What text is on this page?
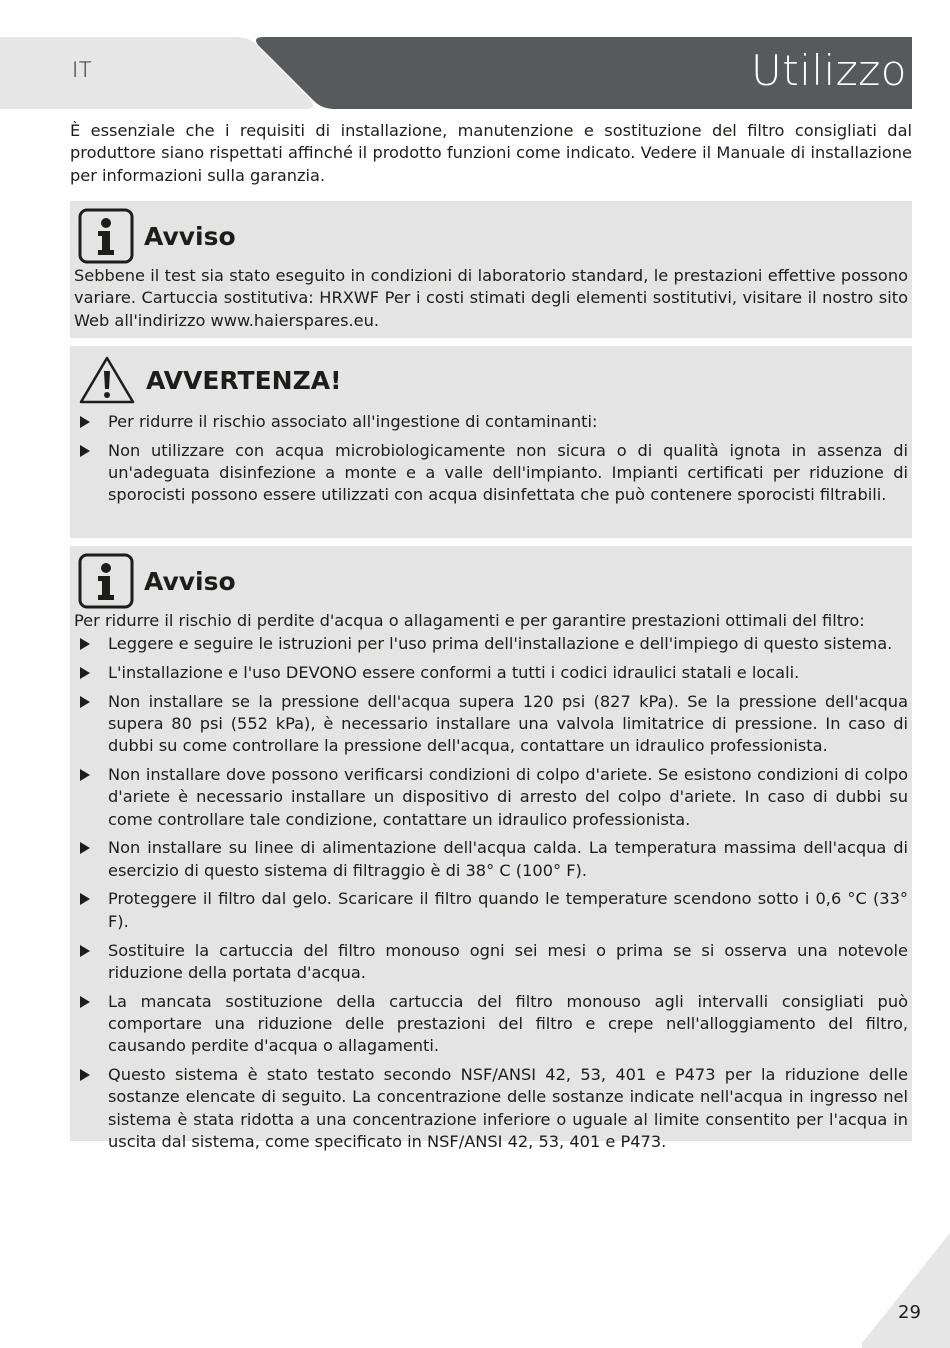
IT	Utilizzo
È essenziale che i requisiti di installazione, manutenzione e sostituzione del filtro consigliati dal produttore siano rispettati affinché il prodotto funzioni come indicato. Vedere il Manuale di installazione per informazioni sulla garanzia.
Avviso
Sebbene il test sia stato eseguito in condizioni di laboratorio standard, le prestazioni effettive possono variare. Cartuccia sostitutiva: HRXWF Per i costi stimati degli elementi sostitutivi, visitare il nostro sito Web all'indirizzo www.haierspares.eu.
AVVERTENZA!
Per ridurre il rischio associato all'ingestione di contaminanti:
Non utilizzare con acqua microbiologicamente non sicura o di qualità ignota in assenza di un'adeguata disinfezione a monte e a valle dell'impianto. Impianti certificati per riduzione di sporocisti possono essere utilizzati con acqua disinfettata che può contenere sporocisti filtrabili.
Avviso
Per ridurre il rischio di perdite d'acqua o allagamenti e per garantire prestazioni ottimali del filtro:
Leggere e seguire le istruzioni per l'uso prima dell'installazione e dell'impiego di questo sistema.
L'installazione e l'uso DEVONO essere conformi a tutti i codici idraulici statali e locali.
Non installare se la pressione dell'acqua supera 120 psi (827 kPa). Se la pressione dell'acqua supera 80 psi (552 kPa), è necessario installare una valvola limitatrice di pressione. In caso di dubbi su come controllare la pressione dell'acqua, contattare un idraulico professionista.
Non installare dove possono verificarsi condizioni di colpo d'ariete. Se esistono condizioni di colpo d'ariete è necessario installare un dispositivo di arresto del colpo d'ariete. In caso di dubbi su come controllare tale condizione, contattare un idraulico professionista.
Non installare su linee di alimentazione dell'acqua calda. La temperatura massima dell'acqua di esercizio di questo sistema di filtraggio è di 38° C (100° F).
Proteggere il filtro dal gelo. Scaricare il filtro quando le temperature scendono sotto i 0,6 °C (33° F).
Sostituire la cartuccia del filtro monouso ogni sei mesi o prima se si osserva una notevole riduzione della portata d'acqua.
La mancata sostituzione della cartuccia del filtro monouso agli intervalli consigliati può comportare una riduzione delle prestazioni del filtro e crepe nell'alloggiamento del filtro, causando perdite d'acqua o allagamenti.
Questo sistema è stato testato secondo NSF/ANSI 42, 53, 401 e P473 per la riduzione delle sostanze elencate di seguito. La concentrazione delle sostanze indicate nell'acqua in ingresso nel sistema è stata ridotta a una concentrazione inferiore o uguale al limite consentito per l'acqua in uscita dal sistema, come specificato in NSF/ANSI 42, 53, 401 e P473.
29
